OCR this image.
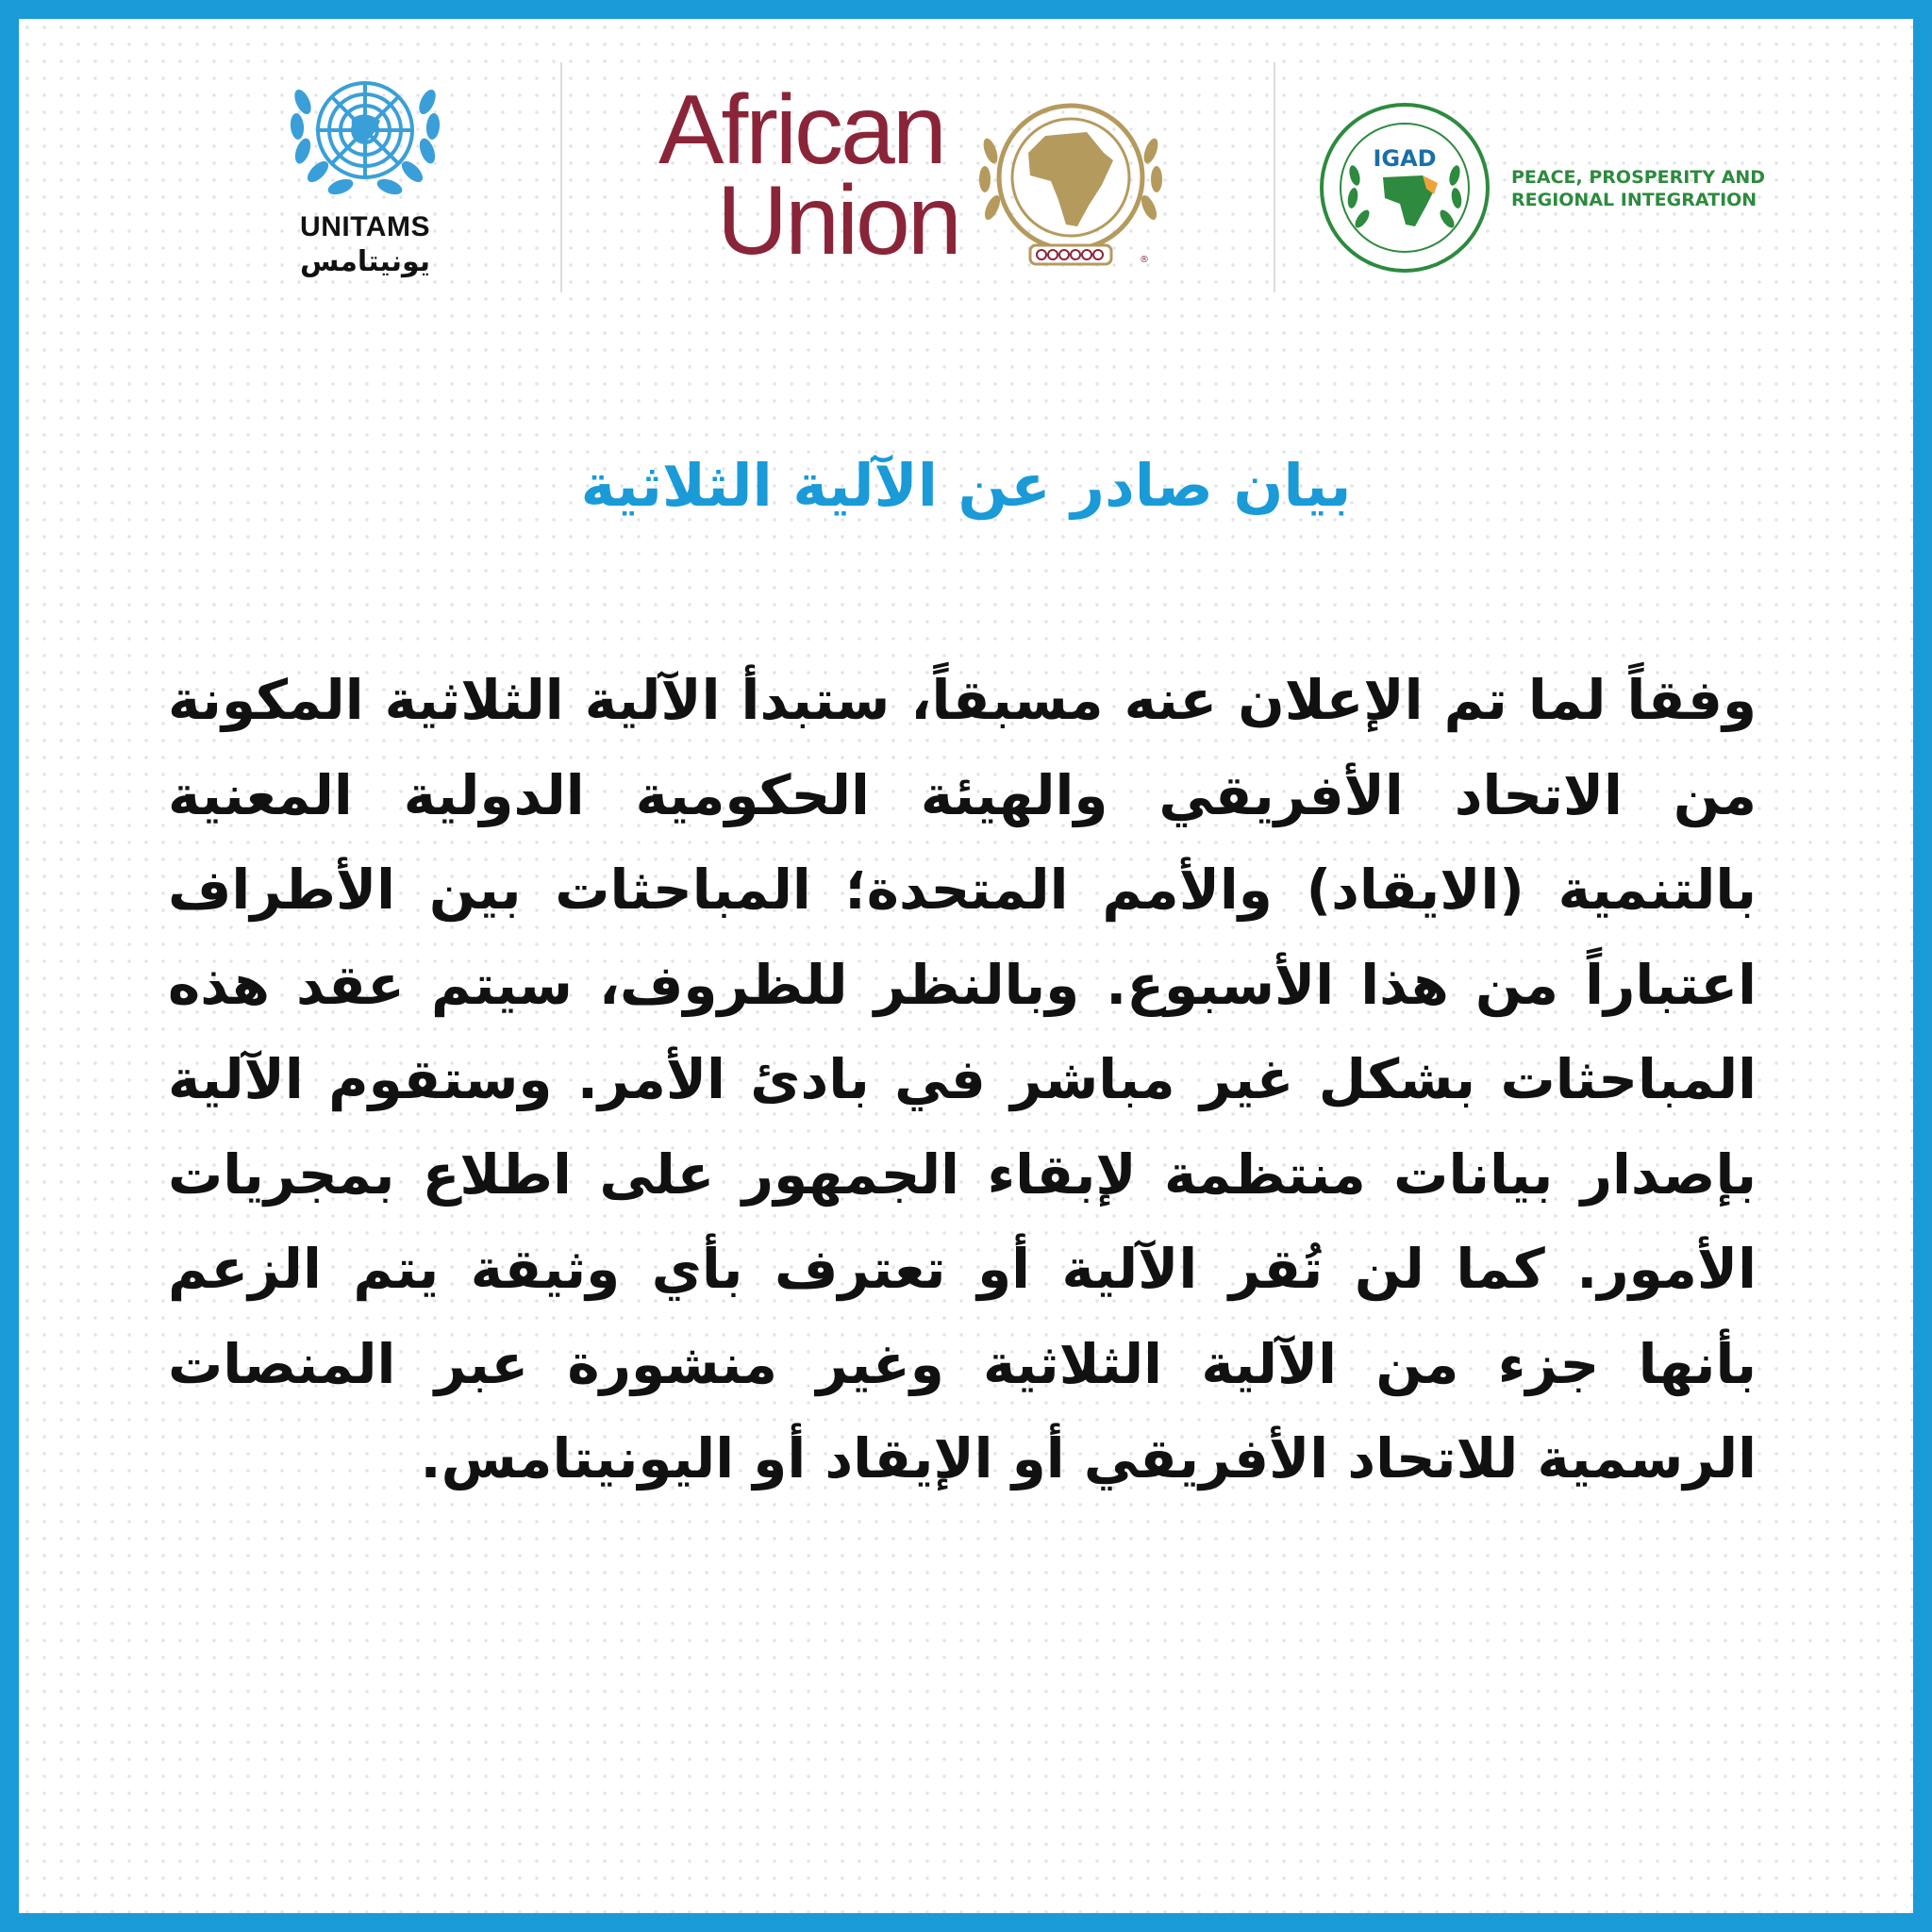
UNITAMS
يونيتامس
African
Union	®
IGAD
PEACE, PROSPERITY AND
REGIONAL INTEGRATION
بيان صادر عن الآلية الثلاثية

وفقاً لما تم الإعلان عنه مسبقاً، ستبدأ الآلية الثلاثية المكونة من الاتحاد الأفريقي والهيئة الحكومية الدولية المعنية بالتنمية (الايقاد) والأمم المتحدة؛ المباحثات بين الأطراف اعتباراً من هذا الأسبوع. وبالنظر للظروف، سيتم عقد هذه المباحثات بشكل غير مباشر في بادئ الأمر. وستقوم الآلية بإصدار بيانات منتظمة لإبقاء الجمهور على اطلاع بمجريات الأمور. كما لن تُقر الآلية أو تعترف بأي وثيقة يتم الزعم بأنها جزء من الآلية الثلاثية وغير منشورة عبر المنصات الرسمية للاتحاد الأفريقي أو الإيقاد أو اليونيتامس.
